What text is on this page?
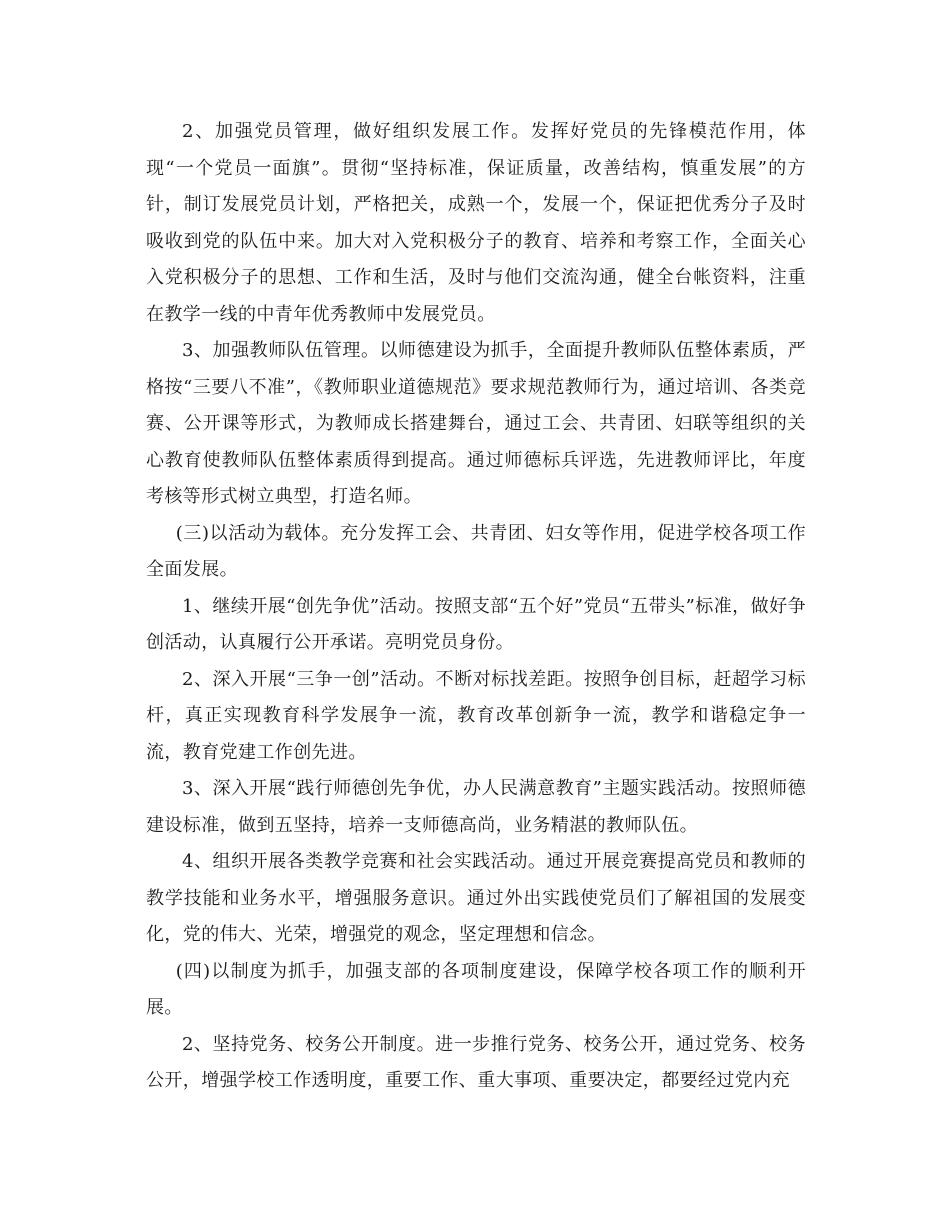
2、加强党员管理，做好组织发展工作。发挥好党员的先锋模范作用，体现“一个党员一面旗”。贯彻“坚持标准，保证质量，改善结构，慎重发展”的方针，制订发展党员计划，严格把关，成熟一个，发展一个，保证把优秀分子及时吸收到党的队伍中来。加大对入党积极分子的教育、培养和考察工作，全面关心入党积极分子的思想、工作和生活，及时与他们交流沟通，健全台帐资料，注重在教学一线的中青年优秀教师中发展党员。

3、加强教师队伍管理。以师德建设为抓手，全面提升教师队伍整体素质，严格按“三要八不准”，《教师职业道德规范》要求规范教师行为，通过培训、各类竞赛、公开课等形式，为教师成长搭建舞台，通过工会、共青团、妇联等组织的关心教育使教师队伍整体素质得到提高。通过师德标兵评选，先进教师评比，年度考核等形式树立典型，打造名师。

(三)以活动为载体。充分发挥工会、共青团、妇女等作用，促进学校各项工作全面发展。

1、继续开展“创先争优”活动。按照支部“五个好”党员“五带头”标准，做好争创活动，认真履行公开承诺。亮明党员身份。

2、深入开展“三争一创”活动。不断对标找差距。按照争创目标，赶超学习标杆，真正实现教育科学发展争一流，教育改革创新争一流，教学和谐稳定争一流，教育党建工作创先进。

3、深入开展“践行师德创先争优，办人民满意教育”主题实践活动。按照师德建设标准，做到五坚持，培养一支师德高尚，业务精湛的教师队伍。

4、组织开展各类教学竞赛和社会实践活动。通过开展竞赛提高党员和教师的教学技能和业务水平，增强服务意识。通过外出实践使党员们了解祖国的发展变化，党的伟大、光荣，增强党的观念，坚定理想和信念。

(四)以制度为抓手，加强支部的各项制度建设，保障学校各项工作的顺利开展。

2、坚持党务、校务公开制度。进一步推行党务、校务公开，通过党务、校务公开，增强学校工作透明度，重要工作、重大事项、重要决定，都要经过党内充
